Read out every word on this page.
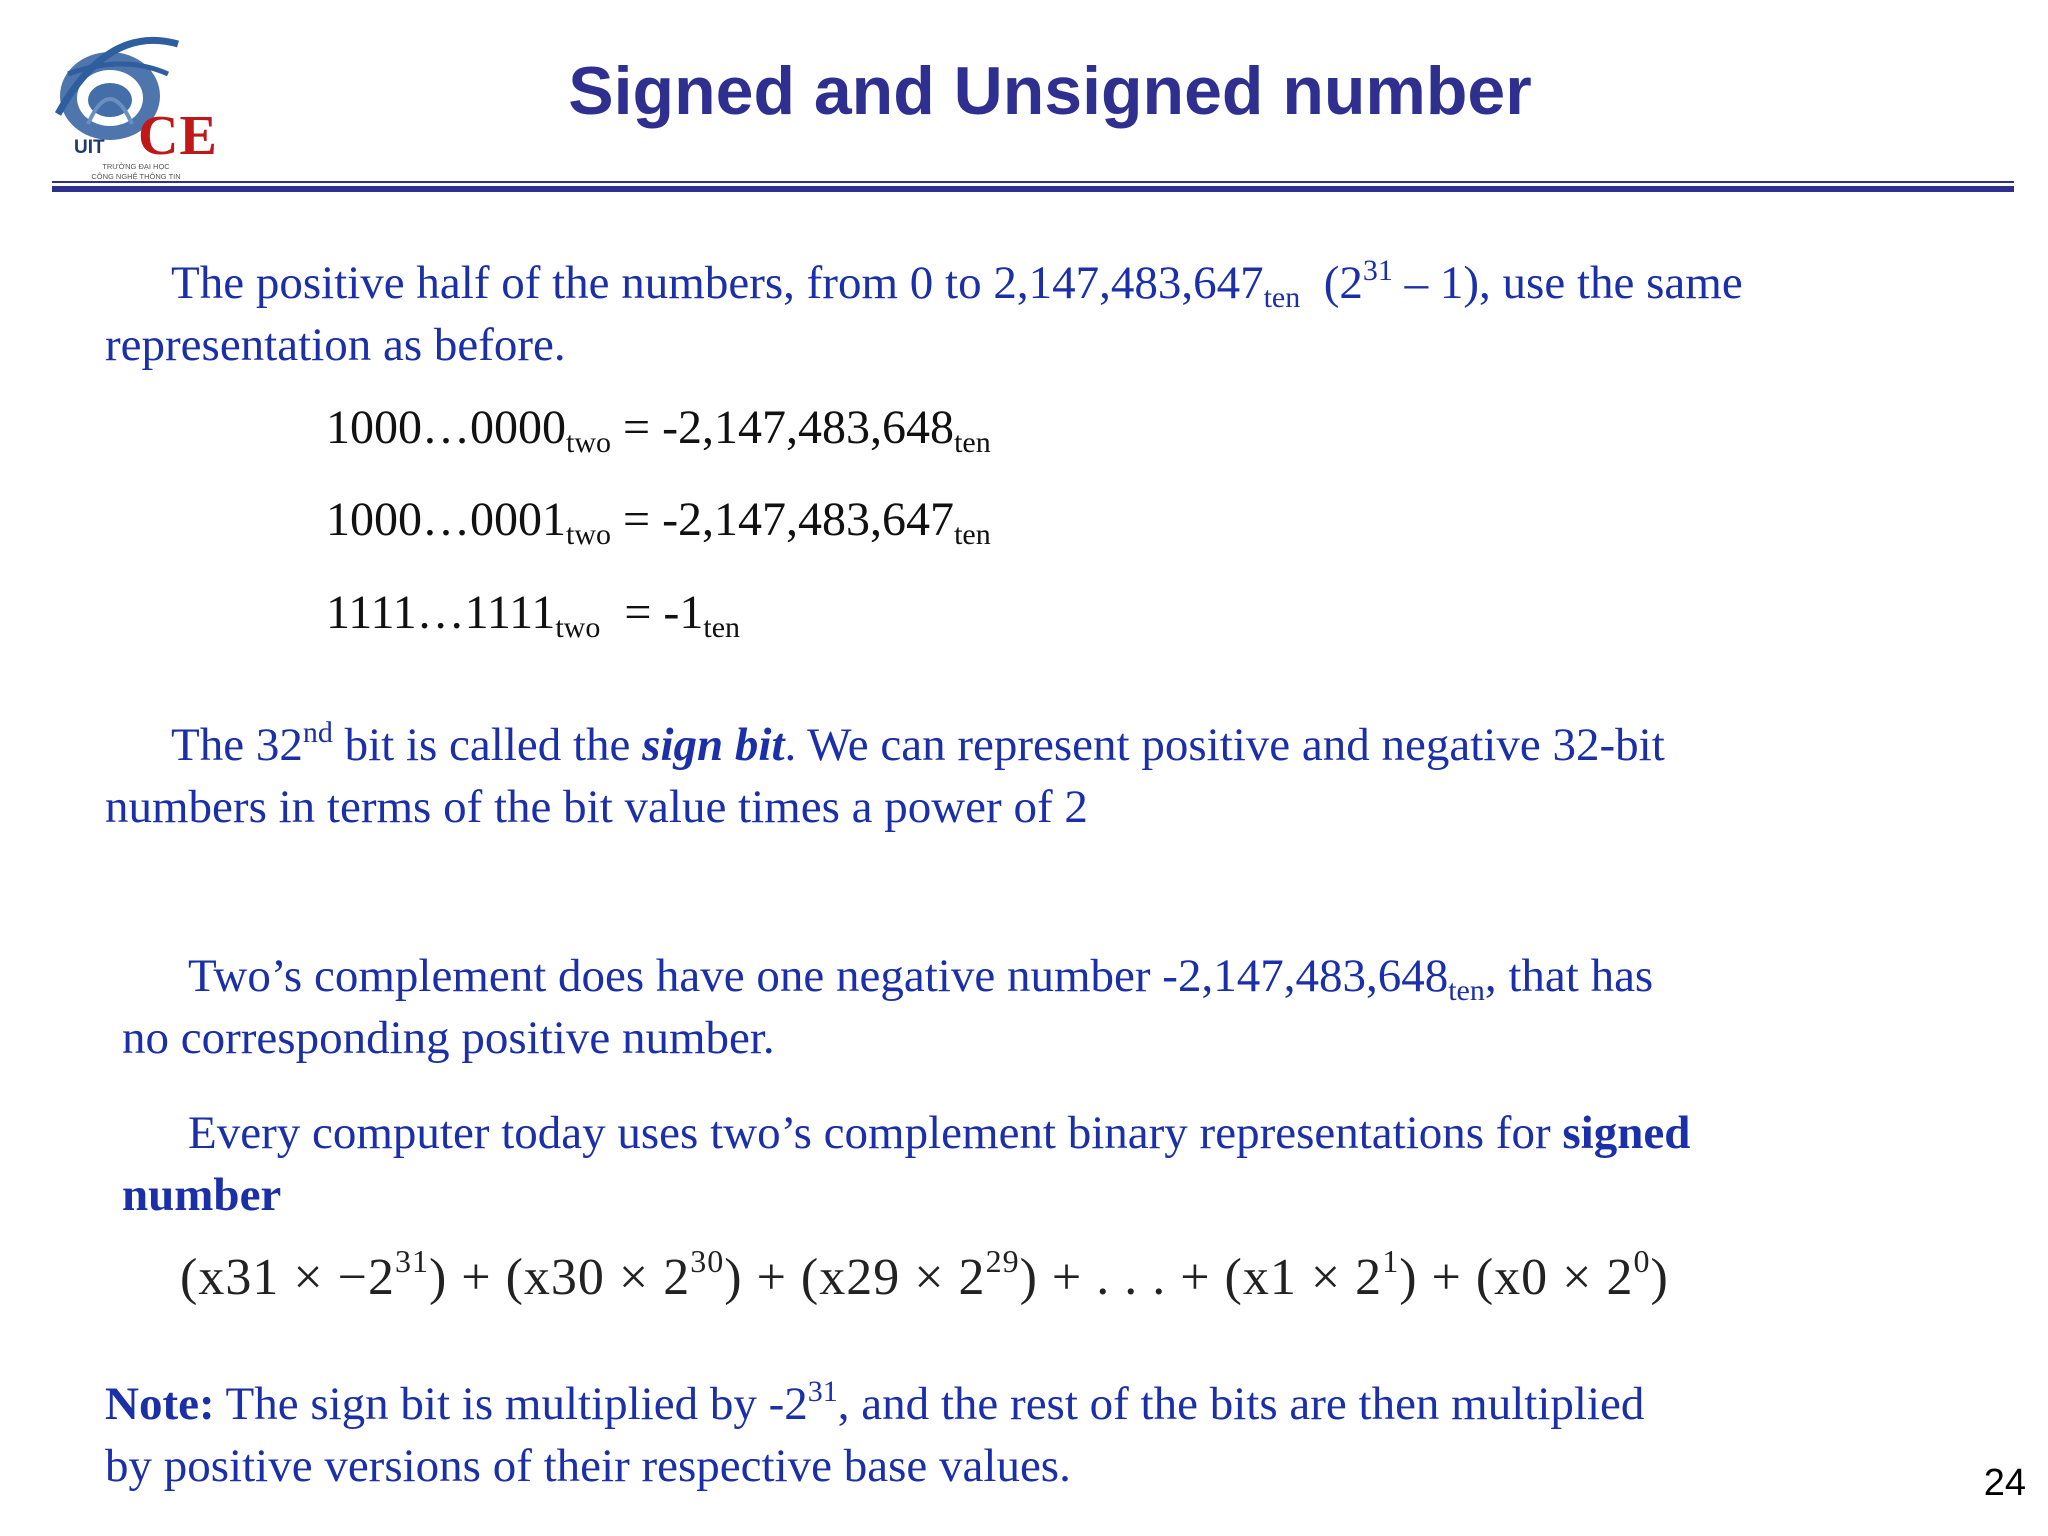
UIT CE
TRƯỜNG ĐẠI HỌC
CÔNG NGHỆ THÔNG TIN
Signed and Unsigned number
The positive half of the numbers, from 0 to $2,147,483,647_{ten}$  $(2^{31} - 1)$, use the same
representation as before.
$1000\dots 0000_{two} = -2,147,483,648_{ten}$
$1000\dots 0001_{two} = -2,147,483,647_{ten}$
$1111\dots 1111_{two} = -1_{ten}$
The 32nd bit is called the sign bit. We can represent positive and negative 32-bit
numbers in terms of the bit value times a power of 2
Two’s complement does have one negative number $-2,147,483,648_{ten}$, that has
no corresponding positive number.
Every computer today uses two’s complement binary representations for signed
number
$(x31 \times -2^{31}) + (x30 \times 2^{30}) + (x29 \times 2^{29})$ + . . . + $(x1 \times 2^1) + (x0 \times 2^0)$
Note: The sign bit is multiplied by $-2^{31}$, and the rest of the bits are then multiplied
by positive versions of their respective base values.	24
